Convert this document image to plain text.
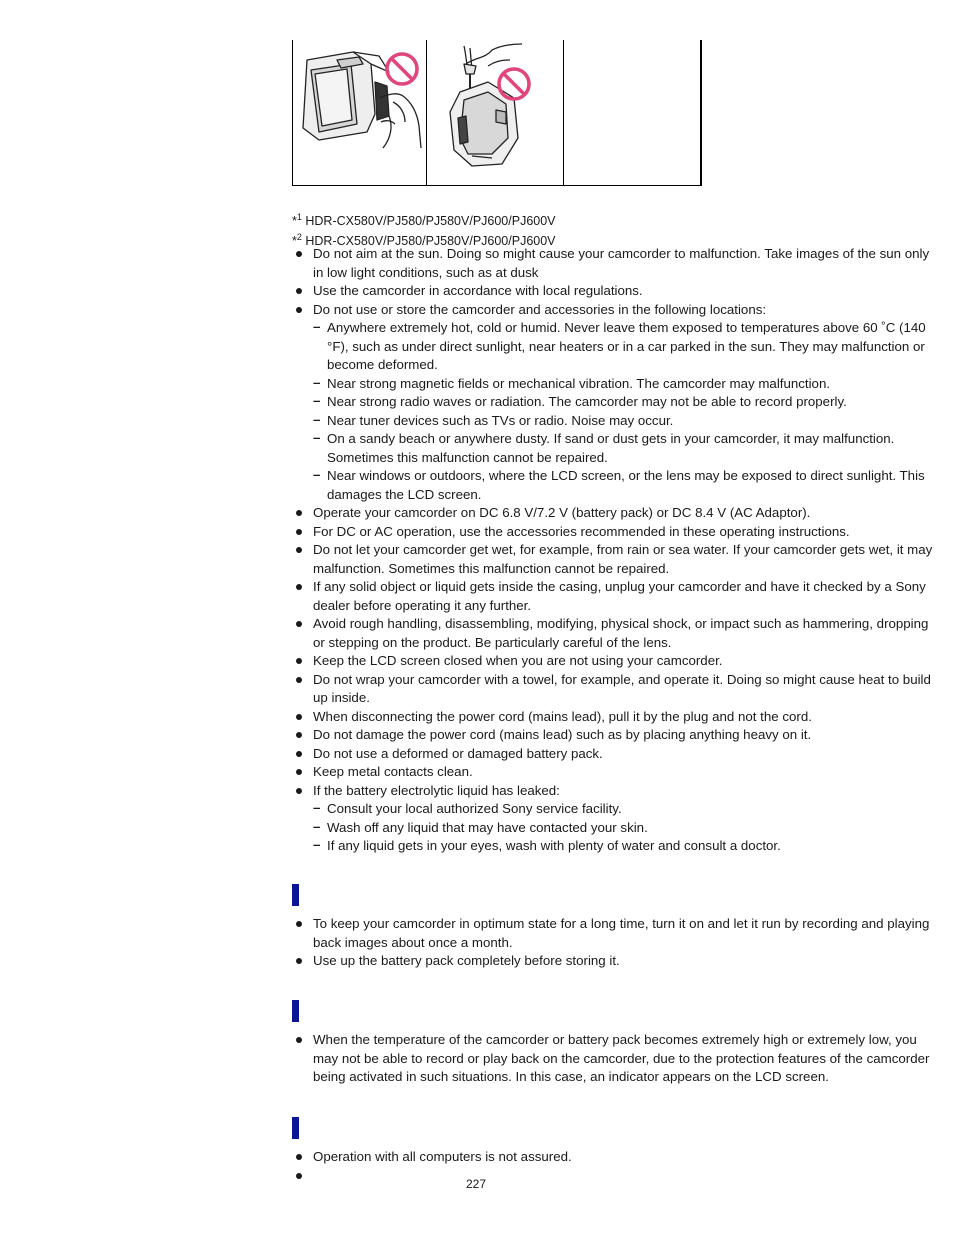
*$^1$ HDR-CX580V/PJ580/PJ580V/PJ600/PJ600V
*$^2$ HDR-CX580V/PJ580/PJ580V/PJ600/PJ600V
Do not aim at the sun. Doing so might cause your camcorder to malfunction. Take images of the sun only in low light conditions, such as at dusk
Use the camcorder in accordance with local regulations.
Do not use or store the camcorder and accessories in the following locations:
– Anywhere extremely hot, cold or humid. Never leave them exposed to temperatures above 60 ˚C (140 °F), such as under direct sunlight, near heaters or in a car parked in the sun. They may malfunction or become deformed.
– Near strong magnetic fields or mechanical vibration. The camcorder may malfunction.
– Near strong radio waves or radiation. The camcorder may not be able to record properly.
– Near tuner devices such as TVs or radio. Noise may occur.
– On a sandy beach or anywhere dusty. If sand or dust gets in your camcorder, it may malfunction. Sometimes this malfunction cannot be repaired.
– Near windows or outdoors, where the LCD screen, or the lens may be exposed to direct sunlight. This damages the LCD screen.
Operate your camcorder on DC 6.8 V/7.2 V (battery pack) or DC 8.4 V (AC Adaptor).
For DC or AC operation, use the accessories recommended in these operating instructions.
Do not let your camcorder get wet, for example, from rain or sea water. If your camcorder gets wet, it may malfunction. Sometimes this malfunction cannot be repaired.
If any solid object or liquid gets inside the casing, unplug your camcorder and have it checked by a Sony dealer before operating it any further.
Avoid rough handling, disassembling, modifying, physical shock, or impact such as hammering, dropping or stepping on the product. Be particularly careful of the lens.
Keep the LCD screen closed when you are not using your camcorder.
Do not wrap your camcorder with a towel, for example, and operate it. Doing so might cause heat to build up inside.
When disconnecting the power cord (mains lead), pull it by the plug and not the cord.
Do not damage the power cord (mains lead) such as by placing anything heavy on it.
Do not use a deformed or damaged battery pack.
Keep metal contacts clean.
If the battery electrolytic liquid has leaked:
– Consult your local authorized Sony service facility.
– Wash off any liquid that may have contacted your skin.
– If any liquid gets in your eyes, wash with plenty of water and consult a doctor.
To keep your camcorder in optimum state for a long time, turn it on and let it run by recording and playing back images about once a month.
Use up the battery pack completely before storing it.
When the temperature of the camcorder or battery pack becomes extremely high or extremely low, you may not be able to record or play back on the camcorder, due to the protection features of the camcorder being activated in such situations. In this case, an indicator appears on the LCD screen.
Operation with all computers is not assured.
227
